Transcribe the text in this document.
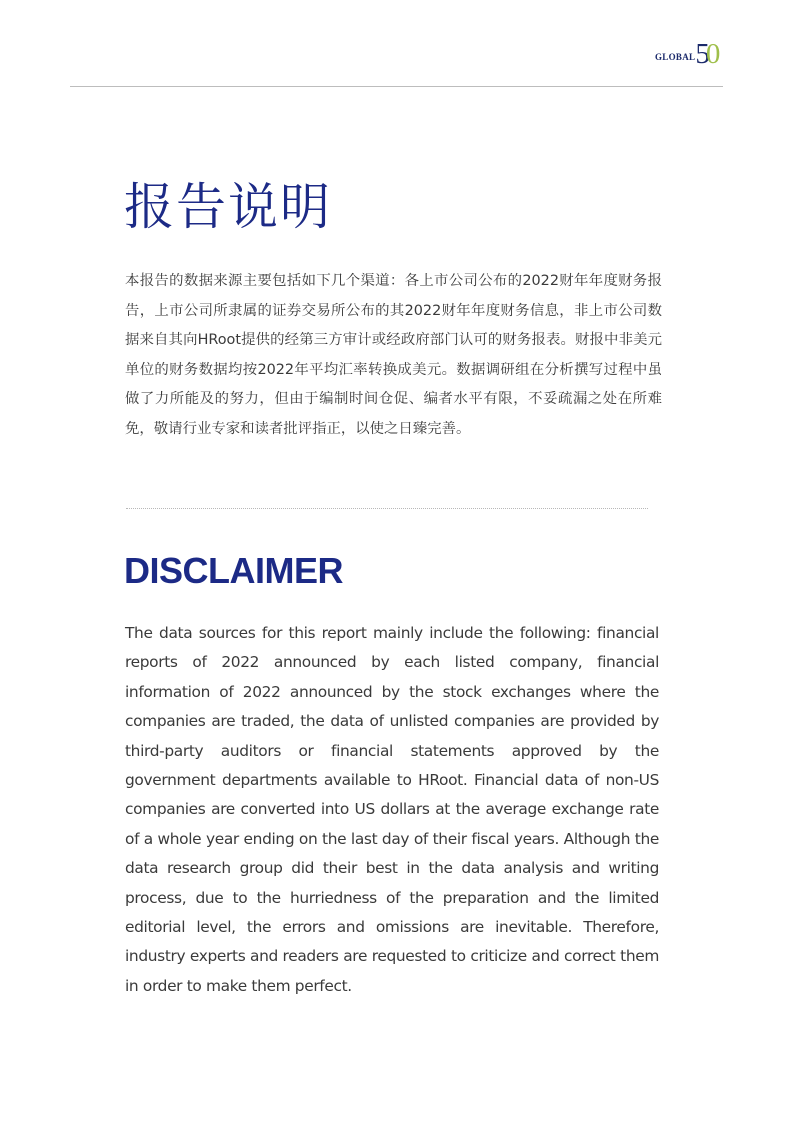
GLOBAL 5
0
报告说明

本报告的数据来源主要包括如下几个渠道：各上市公司公布的2022财年年度财务报告，上市公司所隶属的证券交易所公布的其2022财年年度财务信息，非上市公司数据来自其向HRoot提供的经第三方审计或经政府部门认可的财务报表。财报中非美元单位的财务数据均按2022年平均汇率转换成美元。数据调研组在分析撰写过程中虽做了力所能及的努力，但由于编制时间仓促、编者水平有限，不妥疏漏之处在所难免，敬请行业专家和读者批评指正，以使之日臻完善。

DISCLAIMER

The data sources for this report mainly include the following: financial reports of 2022 announced by each listed company, financial information of 2022 announced by the stock exchanges where the companies are traded, the data of unlisted companies are provided by third-party auditors or financial statements approved by the government departments available to HRoot. Financial data of non-US companies are converted into US dollars at the average exchange rate of a whole year ending on the last day of their fiscal years. Although the data research group did their best in the data analysis and writing process, due to the hurriedness of the preparation and the limited editorial level, the errors and omissions are inevitable. Therefore, industry experts and readers are requested to criticize and correct them in order to make them perfect.
